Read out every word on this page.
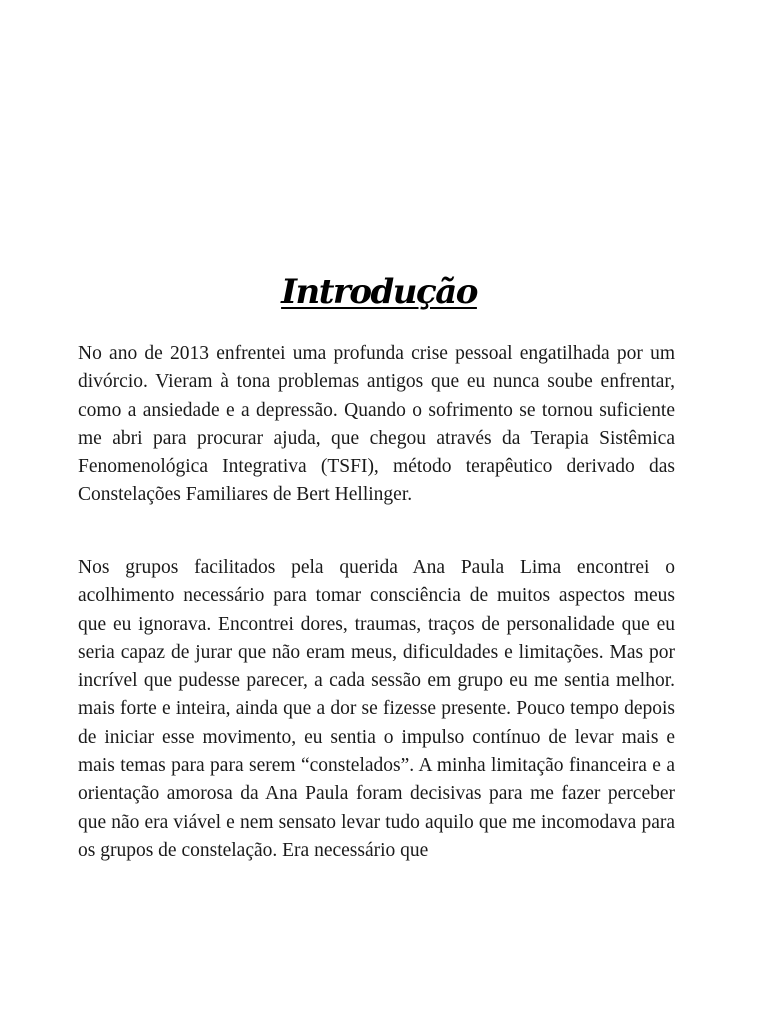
Introdução

No ano de 2013 enfrentei uma profunda crise pessoal engatilhada por um divórcio. Vieram à tona problemas antigos que eu nunca soube enfrentar, como a ansiedade e a depressão. Quando o sofrimento se tornou suficiente me abri para procurar ajuda, que chegou através da Terapia Sistêmica Fenomenológica Integrativa (TSFI), método terapêutico derivado das Constelações Familiares de Bert Hellinger.

Nos grupos facilitados pela querida Ana Paula Lima encontrei o acolhimento necessário para tomar consciência de muitos aspectos meus que eu ignorava. Encontrei dores, traumas, traços de personalidade que eu seria capaz de jurar que não eram meus, dificuldades e limitações. Mas por incrível que pudesse parecer, a cada sessão em grupo eu me sentia melhor. mais forte e inteira, ainda que a dor se fizesse presente. Pouco tempo depois de iniciar esse movimento, eu sentia o impulso contínuo de levar mais e mais temas para para serem “constelados”. A minha limitação financeira e a orientação amorosa da Ana Paula foram decisivas para me fazer perceber que não era viável e nem sensato levar tudo aquilo que me incomodava para os grupos de constelação. Era necessário que
